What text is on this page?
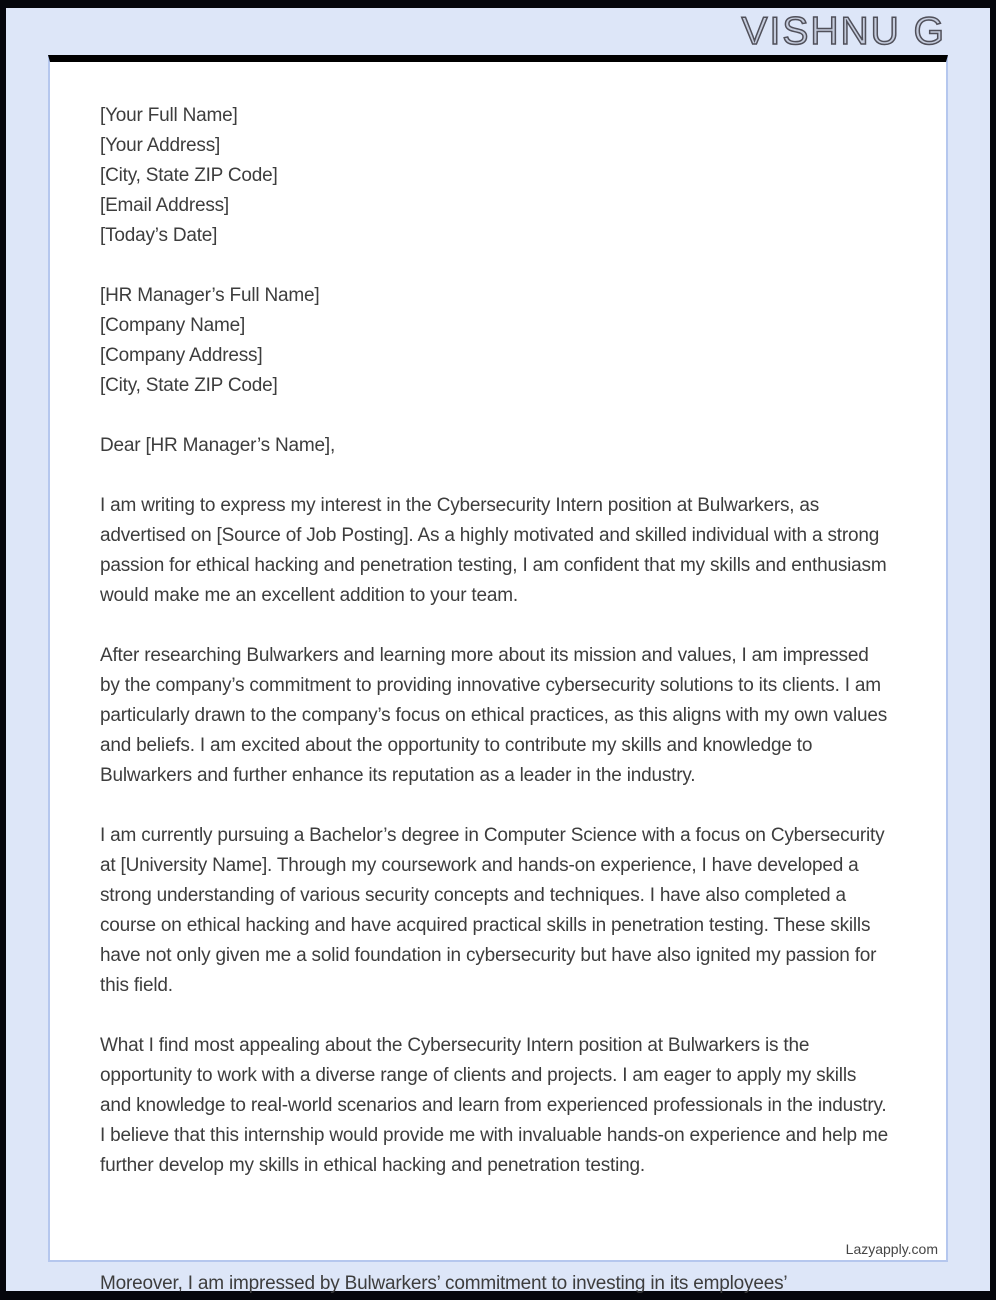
VISHNU G
[Your Full Name]
[Your Address]
[City, State ZIP Code]
[Email Address]
[Today’s Date]
[HR Manager’s Full Name]
[Company Name]
[Company Address]
[City, State ZIP Code]

Dear [HR Manager’s Name],

I am writing to express my interest in the Cybersecurity Intern position at Bulwarkers, as advertised on [Source of Job Posting]. As a highly motivated and skilled individual with a strong passion for ethical hacking and penetration testing, I am confident that my skills and enthusiasm would make me an excellent addition to your team.

After researching Bulwarkers and learning more about its mission and values, I am impressed by the company’s commitment to providing innovative cybersecurity solutions to its clients. I am particularly drawn to the company’s focus on ethical practices, as this aligns with my own values and beliefs. I am excited about the opportunity to contribute my skills and knowledge to Bulwarkers and further enhance its reputation as a leader in the industry.

I am currently pursuing a Bachelor’s degree in Computer Science with a focus on Cybersecurity at [University Name]. Through my coursework and hands-on experience, I have developed a strong understanding of various security concepts and techniques. I have also completed a course on ethical hacking and have acquired practical skills in penetration testing. These skills have not only given me a solid foundation in cybersecurity but have also ignited my passion for this field.

What I find most appealing about the Cybersecurity Intern position at Bulwarkers is the opportunity to work with a diverse range of clients and projects. I am eager to apply my skills and knowledge to real-world scenarios and learn from experienced professionals in the industry. I believe that this internship would provide me with invaluable hands-on experience and help me further develop my skills in ethical hacking and penetration testing.

Lazyapply.com
Moreover, I am impressed by Bulwarkers’ commitment to investing in its employees’
